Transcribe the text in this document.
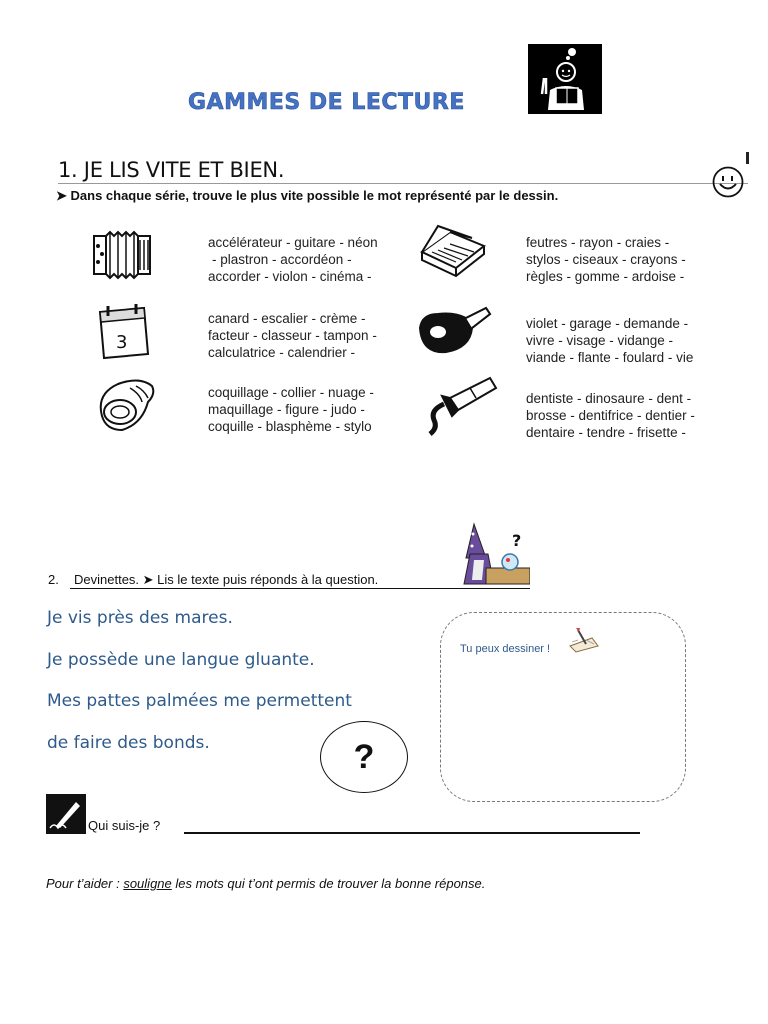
GAMMES DE LECTURE
1. JE LIS VITE ET BIEN.
➤ Dans chaque série, trouve le plus vite possible le mot représenté par le dessin.
accélérateur - guitare - néon
- plastron - accordéon -
accorder - violon - cinéma -
feutres - rayon - craies -
stylos - ciseaux - crayons -
règles - gomme - ardoise -
3
canard - escalier - crème -
facteur - classeur - tampon -
calculatrice - calendrier -
violet - garage - demande -
vivre - visage - vidange -
viande - flante - foulard - vie
coquillage - collier - nuage -
maquillage - figure - judo -
coquille - blasphème - stylo
dentiste - dinosaure - dent -
brosse - dentifrice - dentier -
dentaire - tendre - frisette -
?
2. Devinettes. ➤ Lis le texte puis réponds à la question.
Je vis près des mares.
Je possède une langue gluante.
Mes pattes palmées me permettent
de faire des bonds.	?
Tu peux dessiner !
Qui suis-je ?
Pour t’aider : souligne les mots qui t’ont permis de trouver la bonne réponse.
